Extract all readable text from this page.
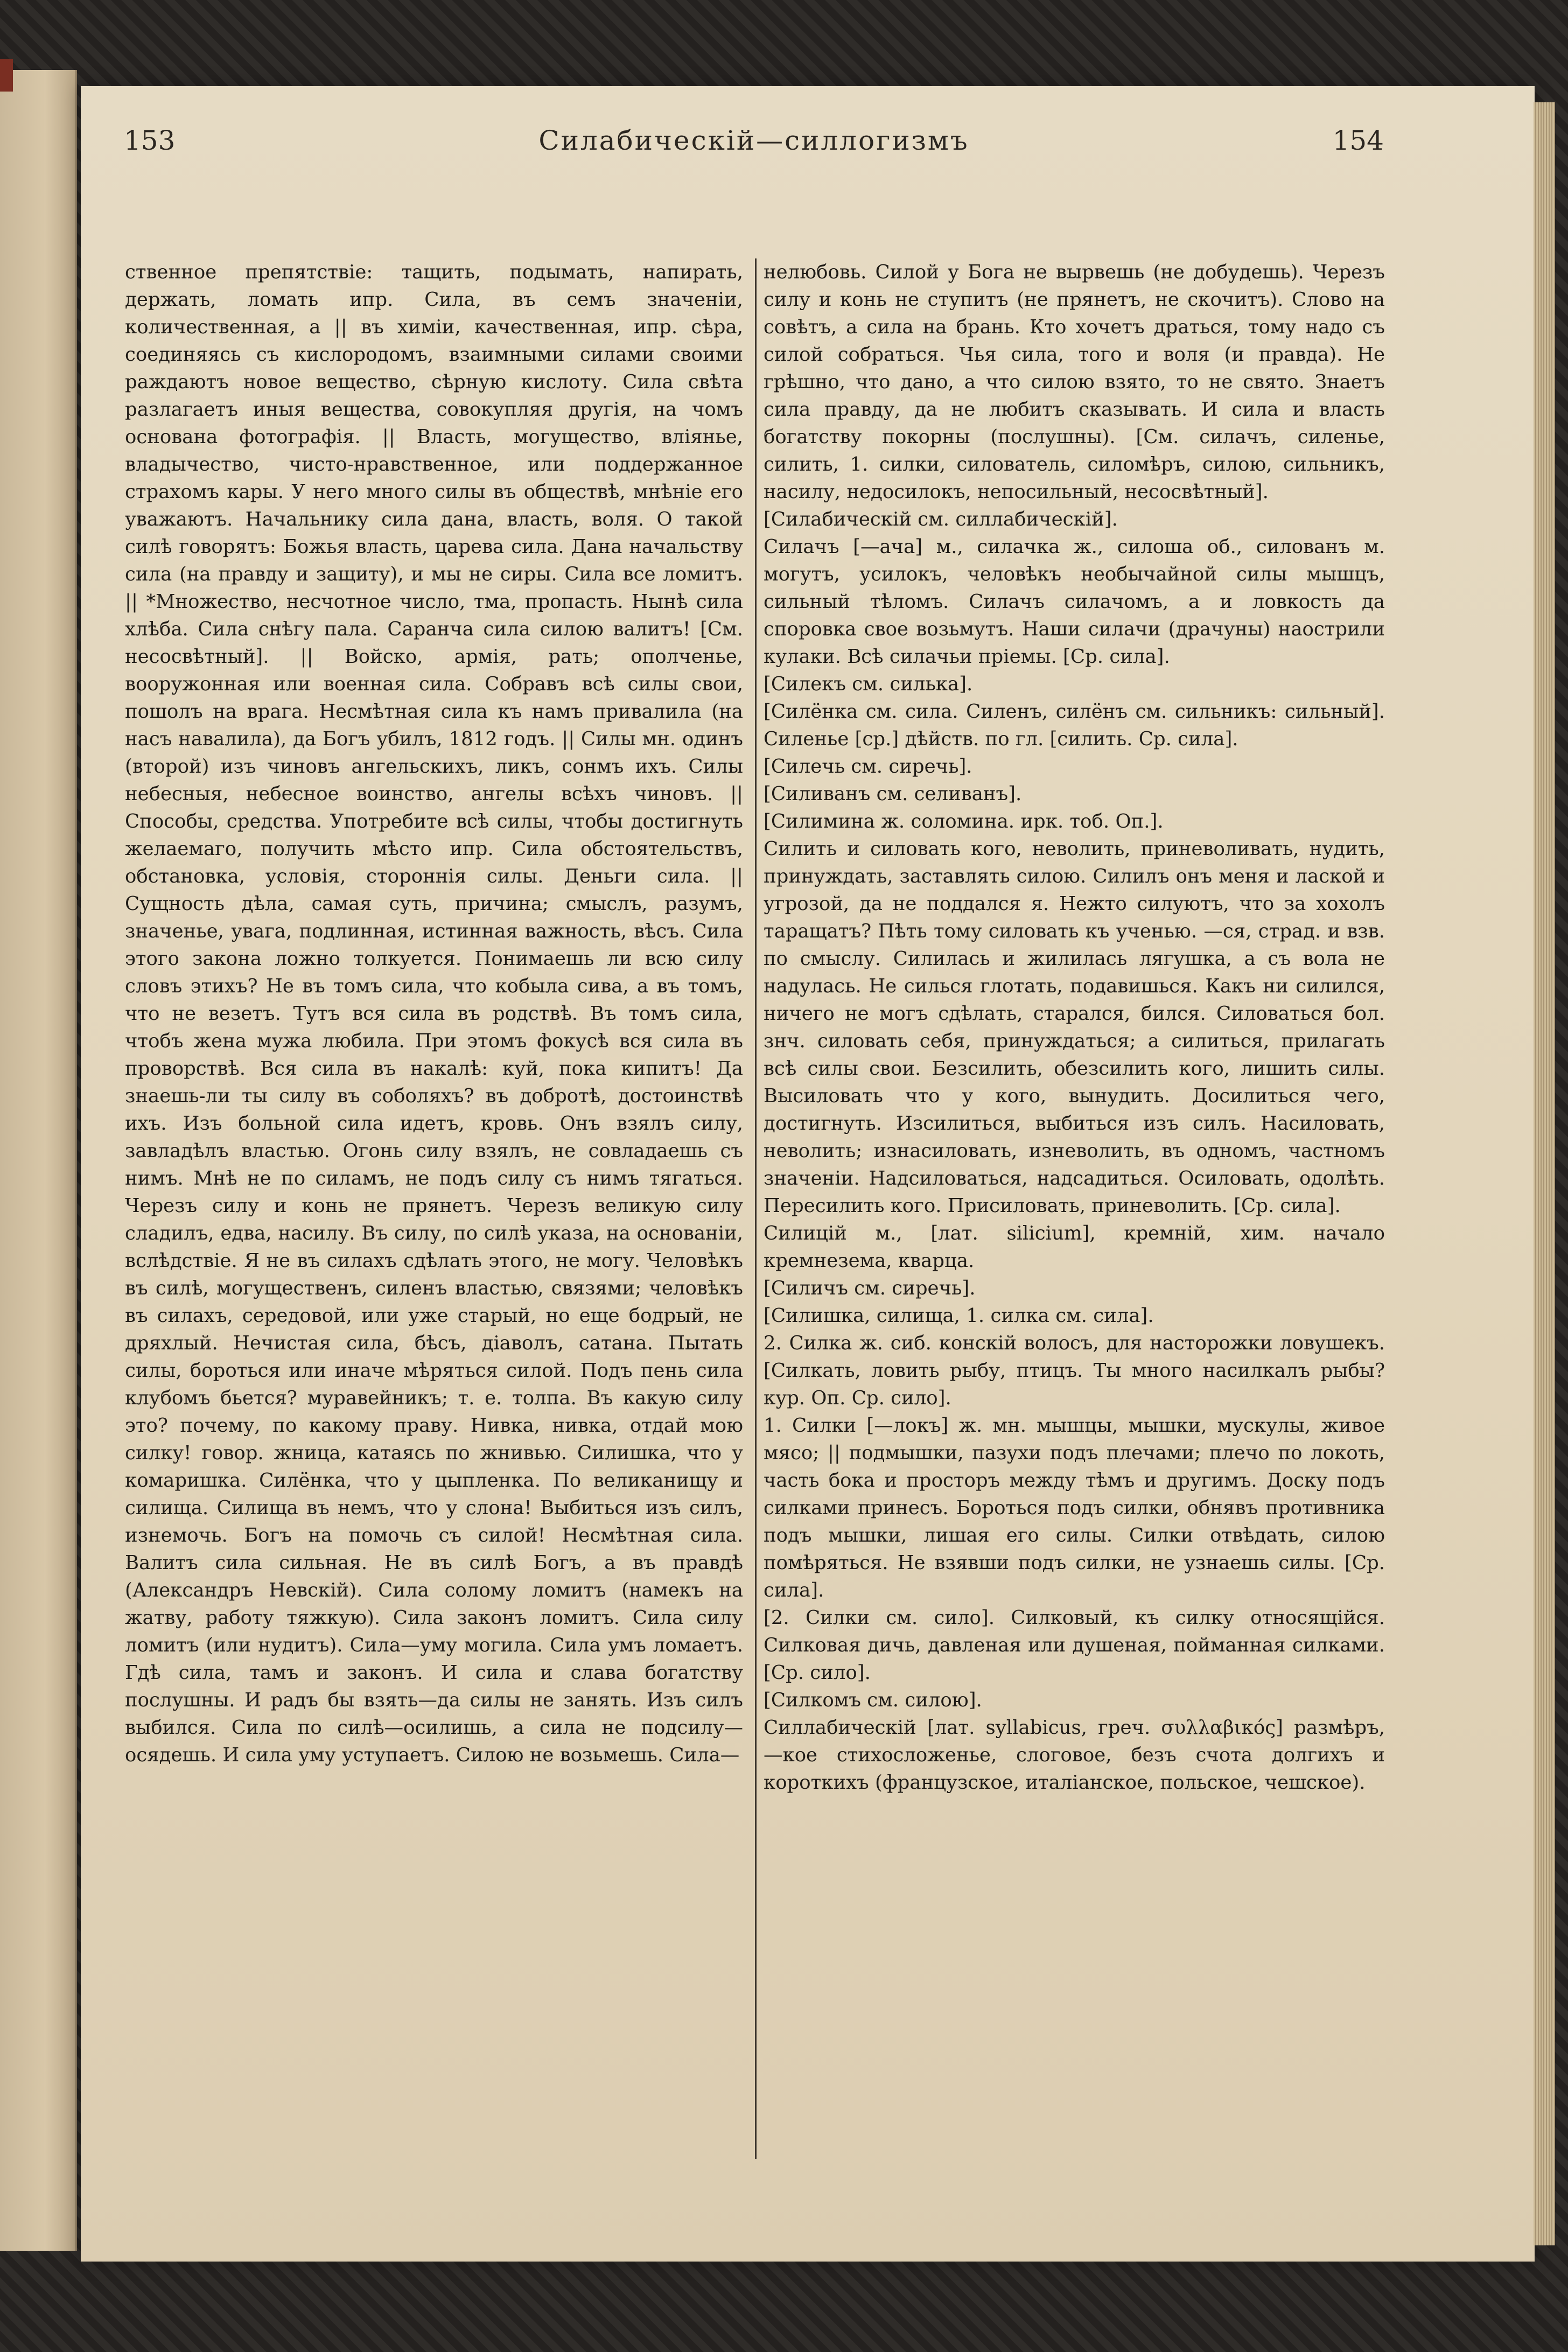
153	Силабическій—силлогизмъ	154

ственное препятствіе: тащить, подымать, напирать, держать, ломать ипр. Сила, въ семъ значеніи, количественная, а || въ химіи, качественная, ипр. сѣра, соединяясь съ кислородомъ, взаимными силами своими раждаютъ новое вещество, сѣрную кислоту. Сила свѣта разлагаетъ иныя вещества, совокупляя другія, на чомъ основана фотографія. || Власть, могущество, вліянье, владычество, чисто-нравственное, или поддержанное страхомъ кары. У него много силы въ обществѣ, мнѣніе его уважаютъ. Начальнику сила дана, власть, воля. О такой силѣ говорятъ: Божья власть, царева сила. Дана начальству сила (на правду и защиту), и мы не сиры. Сила все ломитъ. || *Множество, несчотное число, тма, пропасть. Нынѣ сила хлѣба. Сила снѣгу пала. Саранча сила силою валитъ! [См. несосвѣтный]. || Войско, армія, рать; ополченье, вооружонная или военная сила. Собравъ всѣ силы свои, пошолъ на врага. Несмѣтная сила къ намъ привалила (на насъ навалила), да Богъ убилъ, 1812 годъ. || Силы мн. одинъ (второй) изъ чиновъ ангельскихъ, ликъ, сонмъ ихъ. Силы небесныя, небесное воинство, ангелы всѣхъ чиновъ. || Способы, средства. Употребите всѣ силы, чтобы достигнуть желаемаго, получить мѣсто ипр. Сила обстоятельствъ, обстановка, условія, стороннія силы. Деньги сила. || Сущность дѣла, самая суть, причина; смыслъ, разумъ, значенье, увага, подлинная, истинная важность, вѣсъ. Сила этого закона ложно толкуется. Понимаешь ли всю силу словъ этихъ? Не въ томъ сила, что кобыла сива, а въ томъ, что не везетъ. Тутъ вся сила въ родствѣ. Въ томъ сила, чтобъ жена мужа любила. При этомъ фокусѣ вся сила въ проворствѣ. Вся сила въ накалѣ: куй, пока кипитъ! Да знаешь-ли ты силу въ соболяхъ? въ добротѣ, достоинствѣ ихъ. Изъ больной сила идетъ, кровь. Онъ взялъ силу, завладѣлъ властью. Огонь силу взялъ, не совладаешь съ нимъ. Мнѣ не по силамъ, не подъ силу съ нимъ тягаться. Черезъ силу и конь не прянетъ. Черезъ великую силу сладилъ, едва, насилу. Въ силу, по силѣ указа, на основаніи, вслѣдствіе. Я не въ силахъ сдѣлать этого, не могу. Человѣкъ въ силѣ, могущественъ, силенъ властью, связями; человѣкъ въ силахъ, середовой, или уже старый, но еще бодрый, не дряхлый. Нечистая сила, бѣсъ, діаволъ, сатана. Пытать силы, бороться или иначе мѣряться силой. Подъ пень сила клубомъ бьется? муравейникъ; т. е. толпа. Въ какую силу это? почему, по какому праву. Нивка, нивка, отдай мою силку! говор. жница, катаясь по жнивью. Силишка, что у комаришка. Силёнка, что у цыпленка. По великанищу и силища. Силища въ немъ, что у слона! Выбиться изъ силъ, изнемочь. Богъ на помочь съ силой! Несмѣтная сила. Валитъ сила сильная. Не въ силѣ Богъ, а въ правдѣ (Александръ Невскій). Сила солому ломитъ (намекъ на жатву, работу тяжкую). Сила законъ ломитъ. Сила силу ломитъ (или нудитъ). Сила—уму могила. Сила умъ ломаетъ. Гдѣ сила, тамъ и законъ. И сила и слава богатству послушны. И радъ бы взять—да силы не занять. Изъ силъ выбился. Сила по силѣ—осилишь, а сила не подсилу—осядешь. И сила уму уступаетъ. Силою не возьмешь. Сила—

нелюбовь. Силой у Бога не вырвешь (не добудешь). Черезъ силу и конь не ступитъ (не прянетъ, не скочитъ). Слово на совѣтъ, а сила на брань. Кто хочетъ драться, тому надо съ силой собраться. Чья сила, того и воля (и правда). Не грѣшно, что дано, а что силою взято, то не свято. Знаетъ сила правду, да не любитъ сказывать. И сила и власть богатству покорны (послушны). [См. силачъ, силенье, силить, 1. силки, силователь, силомѣръ, силою, сильникъ, насилу, недосилокъ, непосильный, несосвѣтный].

[Силабическій см. силлабическій].

Силачъ [—ача] м., силачка ж., силоша об., силованъ м. могутъ, усилокъ, человѣкъ необычайной силы мышцъ, сильный тѣломъ. Силачъ силачомъ, а и ловкость да споровка свое возьмутъ. Наши силачи (драчуны) наострили кулаки. Всѣ силачьи пріемы. [Ср. сила].

[Силекъ см. силька].

[Силёнка см. сила. Силенъ, силёнъ см. сильникъ: сильный]. Силенье [ср.] дѣйств. по гл. [силить. Ср. сила].

[Силечь см. сиречь].

[Силиванъ см. селиванъ].

[Силимина ж. соломина. ирк. тоб. Оп.].

Силить и силовать кого, неволить, приневоливать, нудить, принуждать, заставлять силою. Силилъ онъ меня и лаской и угрозой, да не поддался я. Нежто силуютъ, что за хохолъ таращатъ? Пѣть тому силовать къ ученью. —ся, страд. и взв. по смыслу. Силилась и жилилась лягушка, а съ вола не надулась. Не силься глотать, подавишься. Какъ ни силился, ничего не могъ сдѣлать, старался, бился. Силоваться бол. знч. силовать себя, принуждаться; а силиться, прилагать всѣ силы свои. Безсилить, обезсилить кого, лишить силы. Высиловать что у кого, вынудить. Досилиться чего, достигнуть. Изсилиться, выбиться изъ силъ. Насиловать, неволить; изнасиловать, изневолить, въ одномъ, частномъ значеніи. Надсиловаться, надсадиться. Осиловать, одолѣть. Пересилить кого. Присиловать, приневолить. [Ср. сила].

Силицій м., [лат. silicium], кремній, хим. начало кремнезема, кварца.

[Силичъ см. сиречь].

[Силишка, силища, 1. силка см. сила].

2. Силка ж. сиб. конскій волосъ, для насторожки ловушекъ. [Силкать, ловить рыбу, птицъ. Ты много насилкалъ рыбы? кур. Оп. Ср. сило].

1. Силки [—локъ] ж. мн. мышцы, мышки, мускулы, живое мясо; || подмышки, пазухи подъ плечами; плечо по локоть, часть бока и просторъ между тѣмъ и другимъ. Доску подъ силками принесъ. Бороться подъ силки, обнявъ противника подъ мышки, лишая его силы. Силки отвѣдать, силою помѣряться. Не взявши подъ силки, не узнаешь силы. [Ср. сила].

[2. Силки см. сило]. Силковый, къ силку относящійся. Силковая дичь, давленая или душеная, пойманная силками. [Ср. сило].

[Силкомъ см. силою].

Силлабическій [лат. syllabicus, греч. συλλαβικός] размѣръ, —кое стихосложенье, слоговое, безъ счота долгихъ и короткихъ (французское, италіанское, польское, чешское).
